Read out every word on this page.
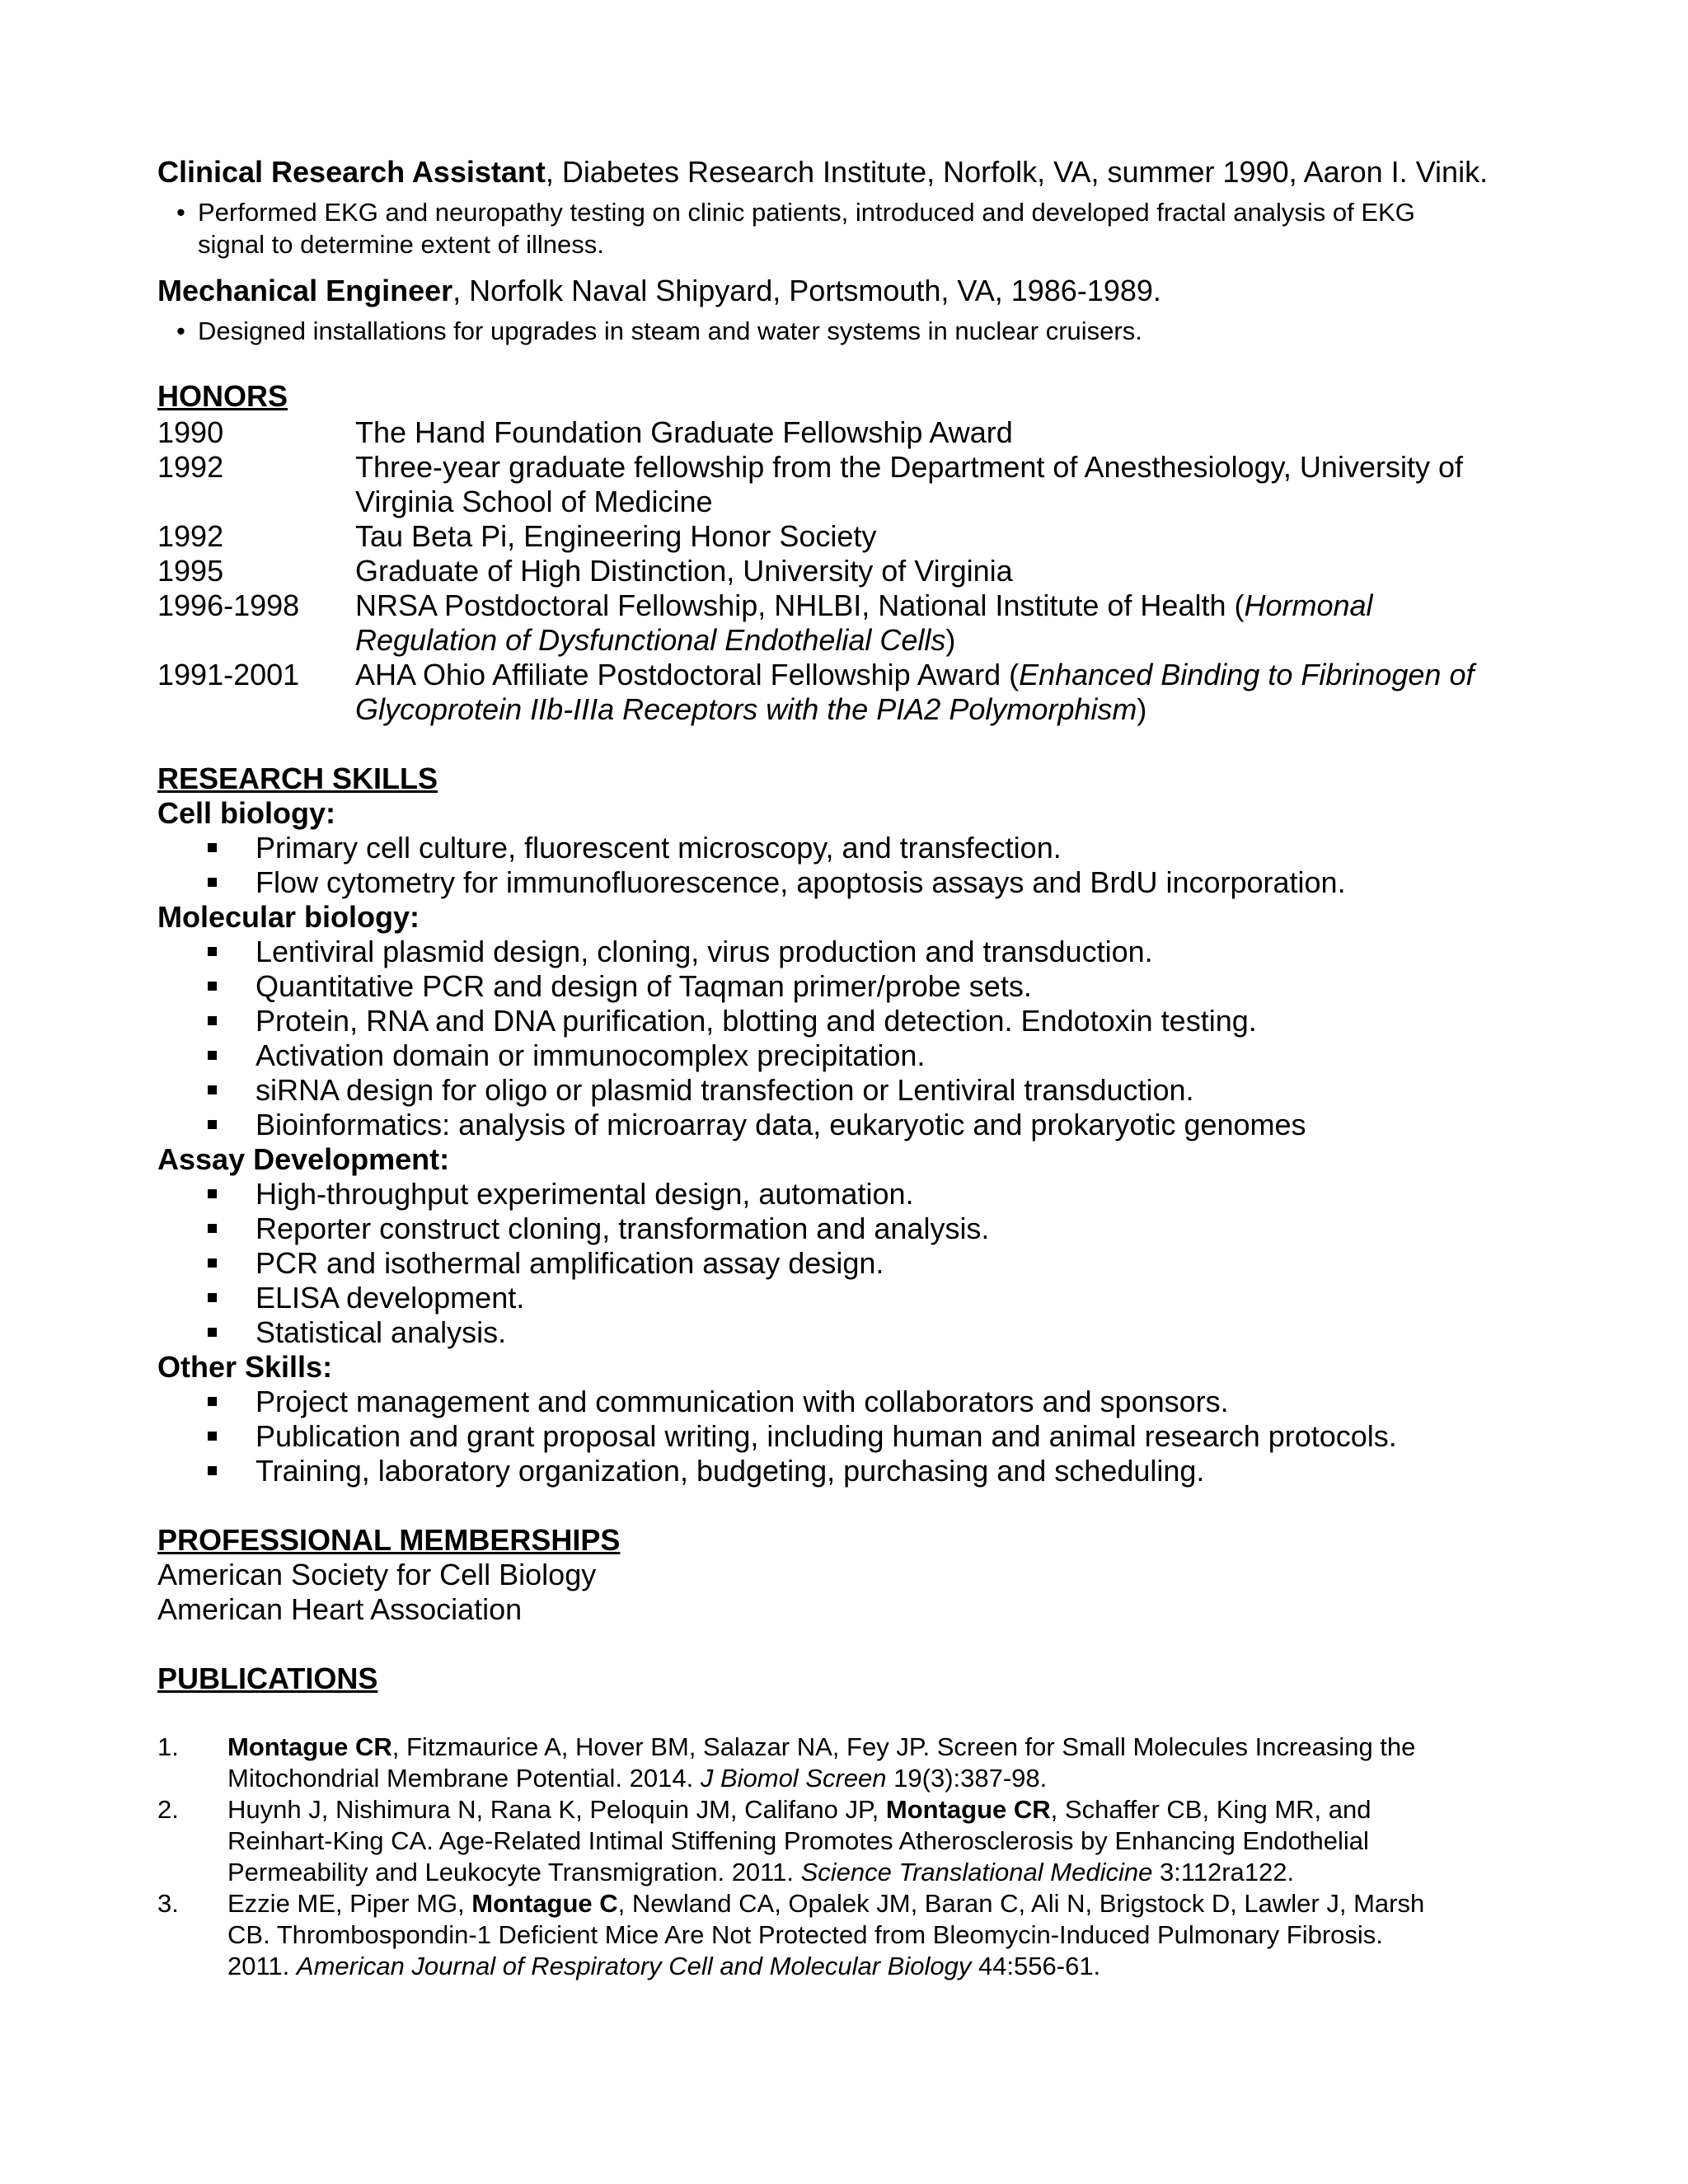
Clinical Research Assistant, Diabetes Research Institute, Norfolk, VA, summer 1990, Aaron I. Vinik.
• Performed EKG and neuropathy testing on clinic patients, introduced and developed fractal analysis of EKG
signal to determine extent of illness.
Mechanical Engineer, Norfolk Naval Shipyard, Portsmouth, VA, 1986-1989.
• Designed installations for upgrades in steam and water systems in nuclear cruisers.
HONORS
1990	The Hand Foundation Graduate Fellowship Award
1992	Three-year graduate fellowship from the Department of Anesthesiology, University of
Virginia School of Medicine
1992	Tau Beta Pi, Engineering Honor Society
1995	Graduate of High Distinction, University of Virginia
1996-1998 NRSA Postdoctoral Fellowship, NHLBI, National Institute of Health (Hormonal
Regulation of Dysfunctional Endothelial Cells)
1991-2001 AHA Ohio Affiliate Postdoctoral Fellowship Award (Enhanced Binding to Fibrinogen of
Glycoprotein IIb-IIIa Receptors with the PIA2 Polymorphism)
RESEARCH SKILLS
Cell biology:
Primary cell culture, fluorescent microscopy, and transfection.
Flow cytometry for immunofluorescence, apoptosis assays and BrdU incorporation.
Molecular biology:
Lentiviral plasmid design, cloning, virus production and transduction.
Quantitative PCR and design of Taqman primer/probe sets.
Protein, RNA and DNA purification, blotting and detection. Endotoxin testing.
Activation domain or immunocomplex precipitation.
siRNA design for oligo or plasmid transfection or Lentiviral transduction.
Bioinformatics: analysis of microarray data, eukaryotic and prokaryotic genomes
Assay Development:
High-throughput experimental design, automation.
Reporter construct cloning, transformation and analysis.
PCR and isothermal amplification assay design.
ELISA development.
Statistical analysis.
Other Skills:
Project management and communication with collaborators and sponsors.
Publication and grant proposal writing, including human and animal research protocols.
Training, laboratory organization, budgeting, purchasing and scheduling.
PROFESSIONAL MEMBERSHIPS
American Society for Cell Biology
American Heart Association
PUBLICATIONS
1. Montague CR, Fitzmaurice A, Hover BM, Salazar NA, Fey JP. Screen for Small Molecules Increasing the
Mitochondrial Membrane Potential. 2014. J Biomol Screen 19(3):387-98.
2. Huynh J, Nishimura N, Rana K, Peloquin JM, Califano JP, Montague CR, Schaffer CB, King MR, and
Reinhart-King CA. Age-Related Intimal Stiffening Promotes Atherosclerosis by Enhancing Endothelial
Permeability and Leukocyte Transmigration. 2011. Science Translational Medicine 3:112ra122.
3. Ezzie ME, Piper MG, Montague C, Newland CA, Opalek JM, Baran C, Ali N, Brigstock D, Lawler J, Marsh
CB. Thrombospondin-1 Deficient Mice Are Not Protected from Bleomycin-Induced Pulmonary Fibrosis.
2011. American Journal of Respiratory Cell and Molecular Biology 44:556-61.
